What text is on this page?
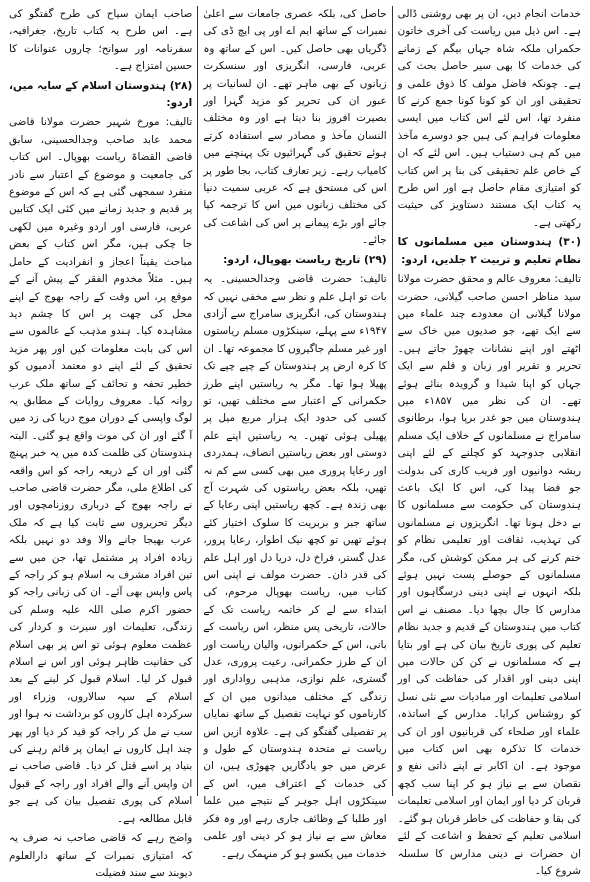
صاحب ایمان سیاح کی طرح گفتگو کی ہے۔ اس طرح یہ کتاب تاریخ، جغرافیہ، سفرنامہ اور سوانح؛ چاروں عنوانات کا حسین امتزاج ہے۔

(۲۸) ہندوستان اسلام کے سایہ میں، اردو:

تالیف: مورخ شہیر حضرت مولانا قاضی محمد عابد صاحب وجدالحسینی، سابق قاضی القضاۃ ریاست بھوپال۔ اس کتاب کی جامعیت و موضوع کے اعتبار سے نادر منفرد سمجھی گئی ہے کہ اس کے موضوع پر قدیم و جدید زمانے میں کئی ایک کتابیں عربی، فارسی اور اردو وغیرہ میں لکھی جا چکی ہیں، مگر اس کتاب کے بعض مباحث یقیناً اعجاز و انفرادیت کے حامل ہیں۔ مثلاً مخدوم الفقر کے پیش آنے کے موقع پر، اس وقت کے راجہ بھوج کے اپنے محل کی چھت پر اس کا چشم دید مشاہدہ کیا۔ ہندو مذہب کے عالموں سے اس کی بابت معلومات کیں اور پھر مزید تحقیق کے لئے اپنے دو معتمد آدمیوں کو خطیر تحفہ و تحائف کے ساتھ ملک عرب روانہ کیا۔ معروف روایات کے مطابق یہ لوگ واپسی کے دوران موج دریا کی زد میں آ گئے اور ان کی موت واقع ہو گئی۔ البتہ ہندوستان کی ظلمت کدہ میں یہ خبر پہنچ گئی اور ان کے ذریعہ راجہ کو اس واقعہ کی اطلاع ملی، مگر حضرت قاضی صاحب نے راجہ بھوج کے درباری روزنامچوں اور دیگر تحریروں سے ثابت کیا ہے کہ ملک عرب بھیجا جانے والا وفد دو نہیں بلکہ زیادہ افراد پر مشتمل تھا، جن میں سے تین افراد مشرف بہ اسلام ہو کر راجہ کے پاس واپس بھی آئے۔ ان کی زبانی راجہ کو حضور اکرم صلی اللہ علیہ وسلم کی زندگی، تعلیمات اور سیرت و کردار کی عظمت معلوم ہوئی تو اس پر بھی اسلام کی حقانیت ظاہر ہوئی اور اس نے اسلام قبول کر لیا۔ اسلام قبول کر لینے کے بعد اسلام کے سپہ سالاروں، وزراء اور سرکردہ اہل کاروں کو برداشت نہ ہوا اور سب نے مل کر راجہ کو قید کر دیا اور پھر چند اہل کاروں نے ایمان پر قائم رہنے کی بنیاد پر اسے قتل کر دیا۔ قاضی صاحب نے ان واپس آنے والے افراد اور راجہ کے قبول اسلام کی پوری تفصیل بیان کی ہے جو قابل مطالعہ ہے۔

واضح رہے کہ قاضی صاحب نہ صرف یہ کہ امتیازی نمبرات کے ساتھ دارالعلوم دیوبند سے سند فضیلت

حاصل کی، بلکہ عصری جامعات سے اعلیٰ نمبرات کے ساتھ ایم اے اور پی ایچ ڈی کی ڈگریاں بھی حاصل کیں۔ اس کے ساتھ وہ عربی، فارسی، انگریزی اور سنسکرت زبانوں کے بھی ماہر تھے۔ ان لسانیات پر عبور ان کی تحریر کو مزید گہرا اور بصیرت افروز بنا دیتا ہے اور وہ مختلف النسان مآخذ و مصادر سے استفادہ کرتے ہوئے تحقیق کی گہرائیوں تک پہنچنے میں کامیاب رہے۔ زیر تعارف کتاب، بجا طور پر اس کی مستحق ہے کہ عربی سمیت دنیا کی مختلف زبانوں میں اس کا ترجمہ کیا جائے اور بڑے پیمانے پر اس کی اشاعت کی جائے۔

(۲۹) تاریخ ریاست بھوپال، اردو:

تالیف: حضرت قاضی وجدالحسینی۔ یہ بات تو اہل علم و نظر سے مخفی نہیں کہ ہندوستان کی، انگریزی سامراج سے آزادی ۱۹۴۷ء سے پہلے، سینکڑوں مسلم ریاستوں اور غیر مسلم جاگیروں کا مجموعہ تھا۔ ان کا کرہ ارض پر ہندوستان کے چپے چپے تک پھیلا ہوا تھا۔ مگر یہ ریاستیں اپنے طرز حکمرانی کے اعتبار سے مختلف تھیں، تو کسی کی حدود ایک ہزار مربع میل پر پھیلی ہوئی تھیں۔ یہ ریاستیں اپنے علم دوستی اور بعض ریاستیں انصاف، ہمدردی اور رعایا پروری میں بھی کسی سے کم نہ تھیں، بلکہ بعض ریاستوں کی شہرت آج بھی زندہ ہے۔ کچھ ریاستیں اپنی رعایا کے ساتھ جبر و بربریت کا سلوک اختیار کئے ہوئے تھیں تو کچھ نیک اطوار، رعایا پرور، عدل گستر، فراخ دل، دریا دل اور اہل علم کی قدر دان۔ حضرت مولف نے اپنی اس کتاب میں، ریاست بھوپال مرحوم، کی ابتداء سے لے کر خاتمہ ریاست تک کے حالات، تاریخی پس منظر، اس ریاست کے بانی، اس کے حکمرانوں، والیان ریاست اور ان کے طرز حکمرانی، رعیت پروری، عدل گستری، علم نوازی، مذہبی رواداری اور زندگی کے مختلف میدانوں میں ان کے کارناموں کو نہایت تفصیل کے ساتھ نمایاں پر تفصیلی گفتگو کی ہے۔ علاوہ ازیں اس ریاست نے متحدہ ہندوستان کے طول و عرض میں جو یادگاریں چھوڑی ہیں، ان کی خدمات کے اعتراف میں، اس کے سینکڑوں اہل جوہر کے نتیجے میں علما اور طلبا کے وظائف جاری رہے اور وہ فکر معاش سے بے نیاز ہو کر دینی اور علمی خدمات میں یکسو ہو کر منہمک رہے۔

خدمات انجام دیں، ان پر بھی روشنی ڈالی ہے۔ اس ذیل میں ریاست کی آخری خاتون حکمراں ملکہ شاہ جہاں بیگم کے زمانے کی خدمات کا بھی سیر حاصل بحث کی ہے۔ چونکہ فاضل مولف کا ذوق علمی و تحقیقی اور ان کو کونا کونا جمع کرنے کا منفرد تھا، اس لئے اس کتاب میں ایسی معلومات فراہم کی ہیں جو دوسرے مآخذ میں کم ہی دستیاب ہیں۔ اس لئے کہ ان کے خاص علم تحقیقی کی بنا پر اس کتاب کو امتیازی مقام حاصل ہے اور اس طرح یہ کتاب ایک مستند دستاویز کی حیثیت رکھتی ہے۔

(۳۰) ہندوستان میں مسلمانوں کا نظام تعلیم و تربیت ۲ جلدیں، اردو:

تالیف: معروف عالم و محقق حضرت مولانا سید مناظر احسن صاحب گیلانی، حضرت مولانا گیلانی ان معدودے چند علماء میں سے ایک تھے، جو صدیوں میں خاک سے اٹھتے اور اپنے نشانات چھوڑ جاتے ہیں۔ تحریر و تقریر اور زبان و قلم سے ایک جہاں کو اپنا شیدا و گرویدہ بنائے ہوئے تھے۔ ان کی نظر میں ۱۸۵۷ء میں ہندوستان میں جو غدر برپا ہوا، برطانوی سامراج نے مسلمانوں کے خلاف ایک مسلم انقلابی جدوجہد کو کچلنے کے لئے اپنی ریشہ دوانیوں اور فریب کاری کی بدولت جو فضا پیدا کی، اس کا ایک باعث ہندوستان کی حکومت سے مسلمانوں کا بے دخل ہونا تھا۔ انگریزوں نے مسلمانوں کی تہذیب، ثقافت اور تعلیمی نظام کو ختم کرنے کی ہر ممکن کوشش کی، مگر مسلمانوں کے حوصلے پست نہیں ہوئے بلکہ انہوں نے اپنی دینی درسگاہوں اور مدارس کا جال بچھا دیا۔ مصنف نے اس کتاب میں ہندوستان کے قدیم و جدید نظام تعلیم کی پوری تاریخ بیان کی ہے اور بتایا ہے کہ مسلمانوں نے کن کن حالات میں اپنی دینی اور اقدار کی حفاظت کی اور اسلامی تعلیمات اور مبادیات سے نئی نسل کو روشناس کرایا۔ مدارس کے اساتذہ، علماء اور صلحاء کی قربانیوں اور ان کی خدمات کا تذکرہ بھی اس کتاب میں موجود ہے۔ ان اکابر نے اپنے ذاتی نفع و نقصان سے بے نیاز ہو کر اپنا سب کچھ قربان کر دیا اور ایمان اور اسلامی تعلیمات کی بقا و حفاظت کی خاطر قربان ہو گئے۔ اسلامی تعلیم کے تحفظ و اشاعت کے لئے ان حضرات نے دینی مدارس کا سلسلہ شروع کیا۔
